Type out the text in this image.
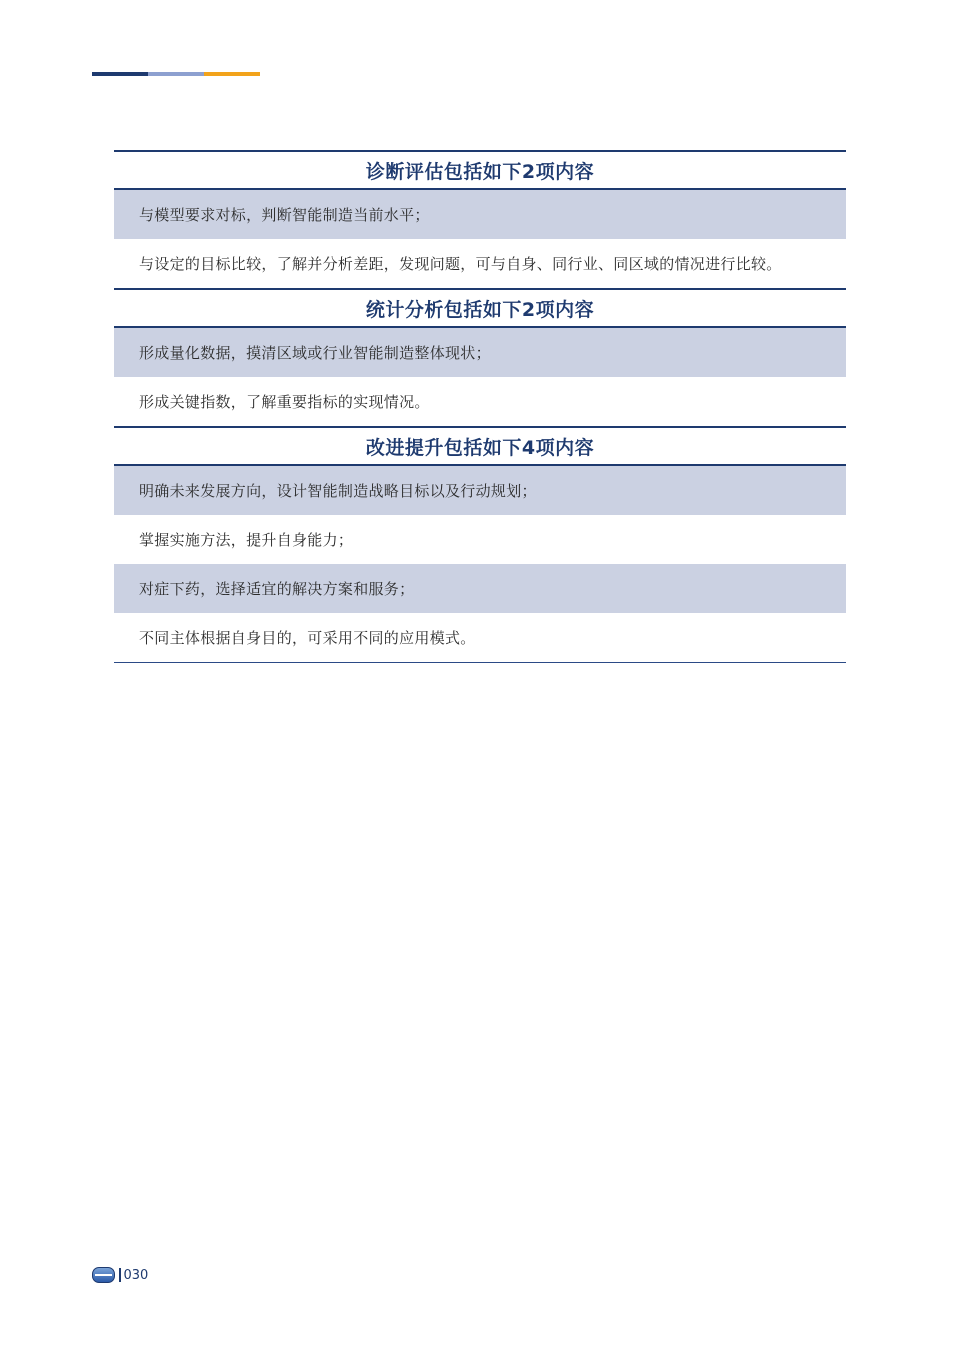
诊断评估包括如下2项内容
与模型要求对标，判断智能制造当前水平；
与设定的目标比较，了解并分析差距，发现问题，可与自身、同行业、同区域的情况进行比较。
统计分析包括如下2项内容
形成量化数据，摸清区域或行业智能制造整体现状；
形成关键指数，了解重要指标的实现情况。
改进提升包括如下4项内容
明确未来发展方向，设计智能制造战略目标以及行动规划；
掌握实施方法，提升自身能力；
对症下药，选择适宜的解决方案和服务；
不同主体根据自身目的，可采用不同的应用模式。
030
